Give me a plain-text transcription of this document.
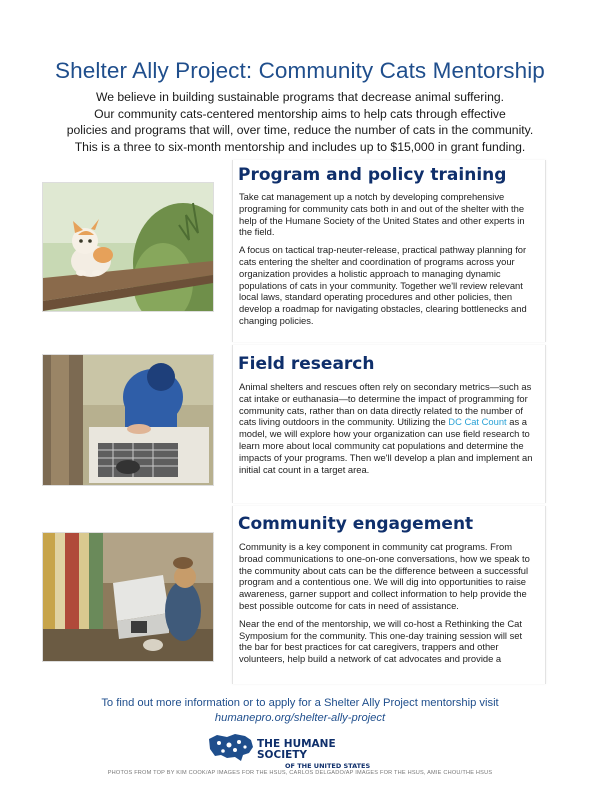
Shelter Ally Project: Community Cats Mentorship
We believe in building sustainable programs that decrease animal suffering.
Our community cats-centered mentorship aims to help cats through effective
policies and programs that will, over time, reduce the number of cats in the community.
This is a three to six-month mentorship and includes up to $15,000 in grant funding.
Program and policy training

Take cat management up a notch by developing comprehensive programing for community cats both in and out of the shelter with the help of the Humane Society of the United States and other experts in the field.

A focus on tactical trap-neuter-release, practical pathway planning for cats entering the shelter and coordination of programs across your organization provides a holistic approach to managing dynamic populations of cats in your community. Together we'll review relevant local laws, standard operating procedures and other policies, then develop a roadmap for navigating obstacles, clearing bottlenecks and changing policies.

Field research

Animal shelters and rescues often rely on secondary metrics—such as cat intake or euthanasia—to determine the impact of programming for community cats, rather than on data directly related to the number of cats living outdoors in the community. Utilizing the DC Cat Count as a model, we will explore how your organization can use field research to learn more about local community cat populations and determine the impacts of your programs. Then we'll develop a plan and implement an initial cat count in a target area.

Community engagement

Community is a key component in community cat programs. From broad communications to one-on-one conversations, how we speak to the community about cats can be the difference between a successful program and a contentious one. We will dig into opportunities to raise awareness, garner support and collect information to help provide the best possible outcome for cats in need of assistance.

Near the end of the mentorship, we will co-host a Rethinking the Cat Symposium for the community. This one-day training session will set the bar for best practices for cat caregivers, trappers and other volunteers, help build a network of cat advocates and provide a

To find out more information or to apply for a Shelter Ally Project mentorship visit
humanepro.org/shelter-ally-project
THE HUMANE SOCIETY
OF THE UNITED STATES
PHOTOS FROM TOP BY KIM COOK/AP IMAGES FOR THE HSUS, CARLOS DELGADO/AP IMAGES FOR THE HSUS, AMIE CHOU/THE HSUS
